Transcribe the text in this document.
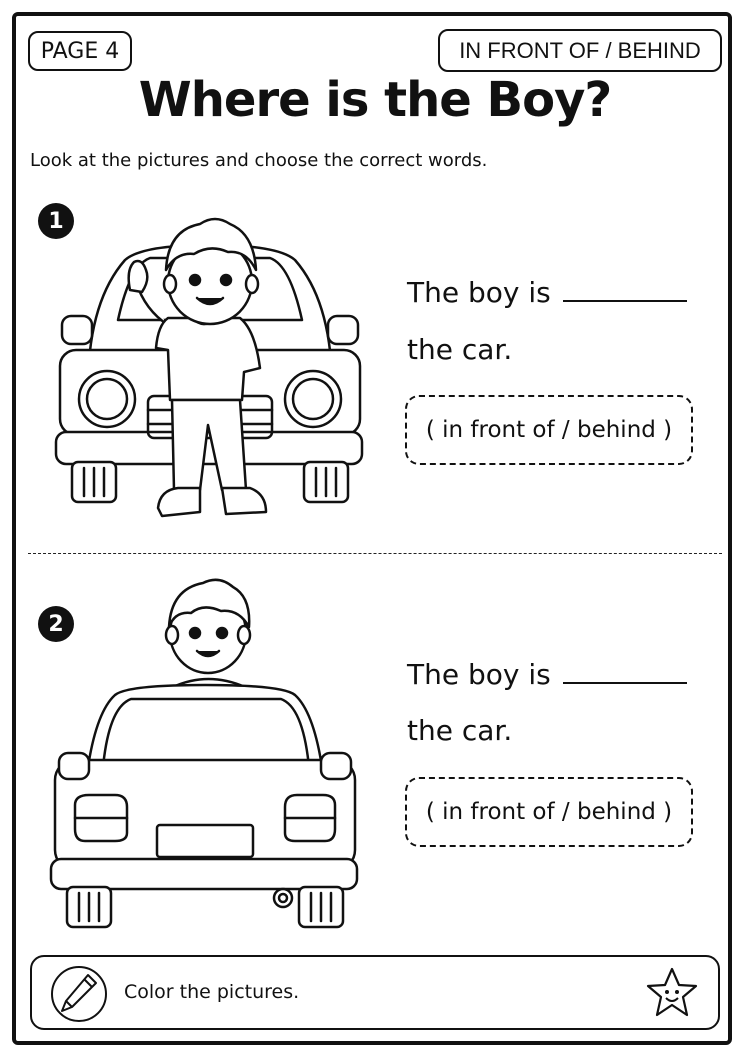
PAGE 4	IN FRONT OF / BEHIND
Where is the Boy?
Look at the pictures and choose the correct words.
1
The boy is
the car.
( in front of / behind )
2
The boy is
the car.
( in front of / behind )
Color the pictures.
